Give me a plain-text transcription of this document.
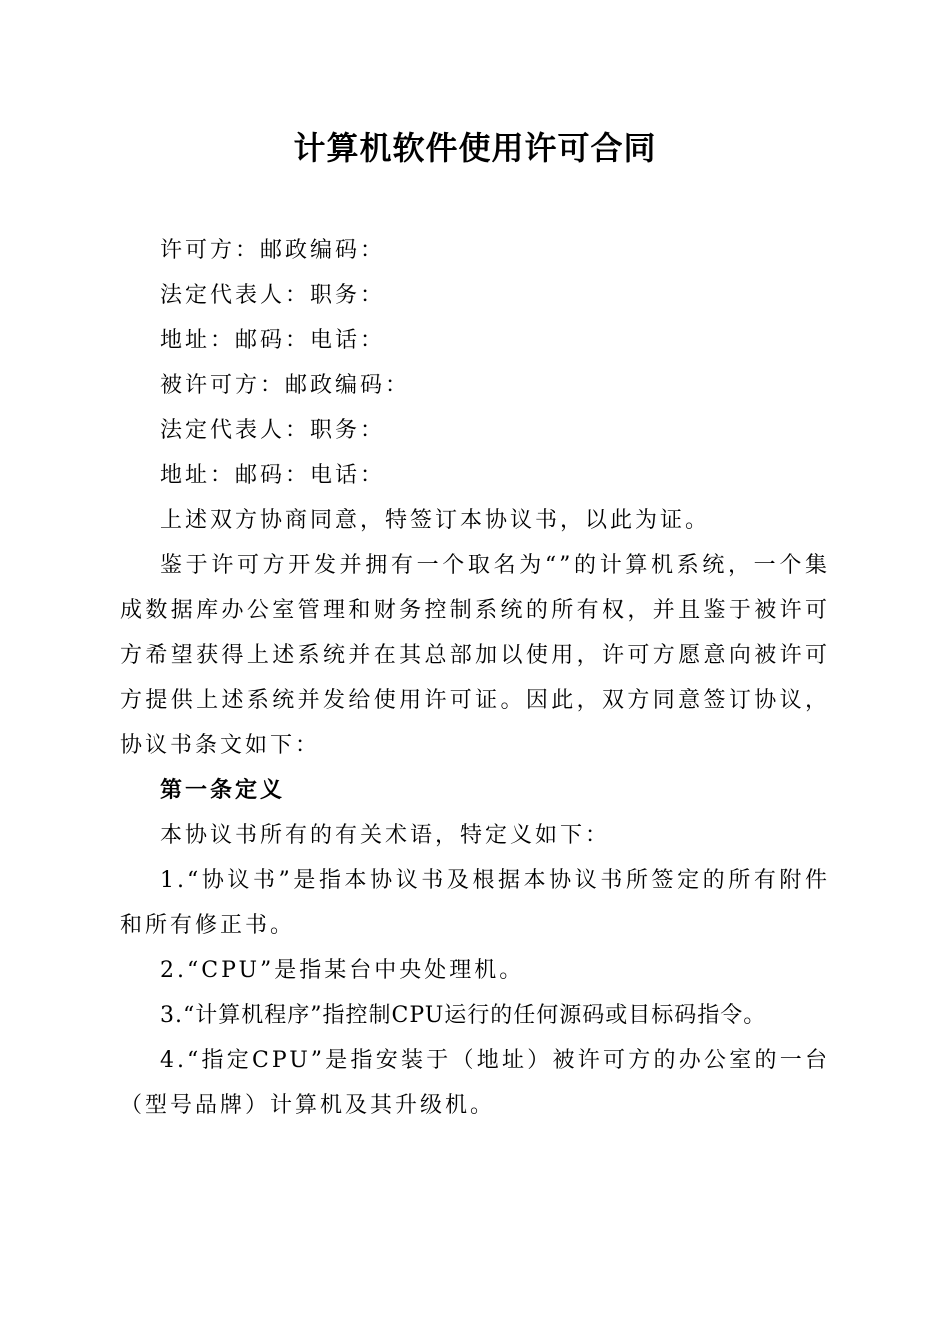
计算机软件使用许可合同

许可方：邮政编码：

法定代表人：职务：

地址：邮码：电话：

被许可方：邮政编码：

法定代表人：职务：

地址：邮码：电话：

上述双方协商同意，特签订本协议书，以此为证。

鉴于许可方开发并拥有一个取名为“”的计算机系统，一个集成数据库办公室管理和财务控制系统的所有权，并且鉴于被许可方希望获得上述系统并在其总部加以使用，许可方愿意向被许可方提供上述系统并发给使用许可证。因此，双方同意签订协议，协议书条文如下：

第一条定义

本协议书所有的有关术语，特定义如下：

1.“协议书”是指本协议书及根据本协议书所签定的所有附件和所有修正书。

2.“CPU”是指某台中央处理机。

3.“计算机程序”指控制CPU运行的任何源码或目标码指令。

4.“指定CPU”是指安装于（地址）被许可方的办公室的一台（型号品牌）计算机及其升级机。
